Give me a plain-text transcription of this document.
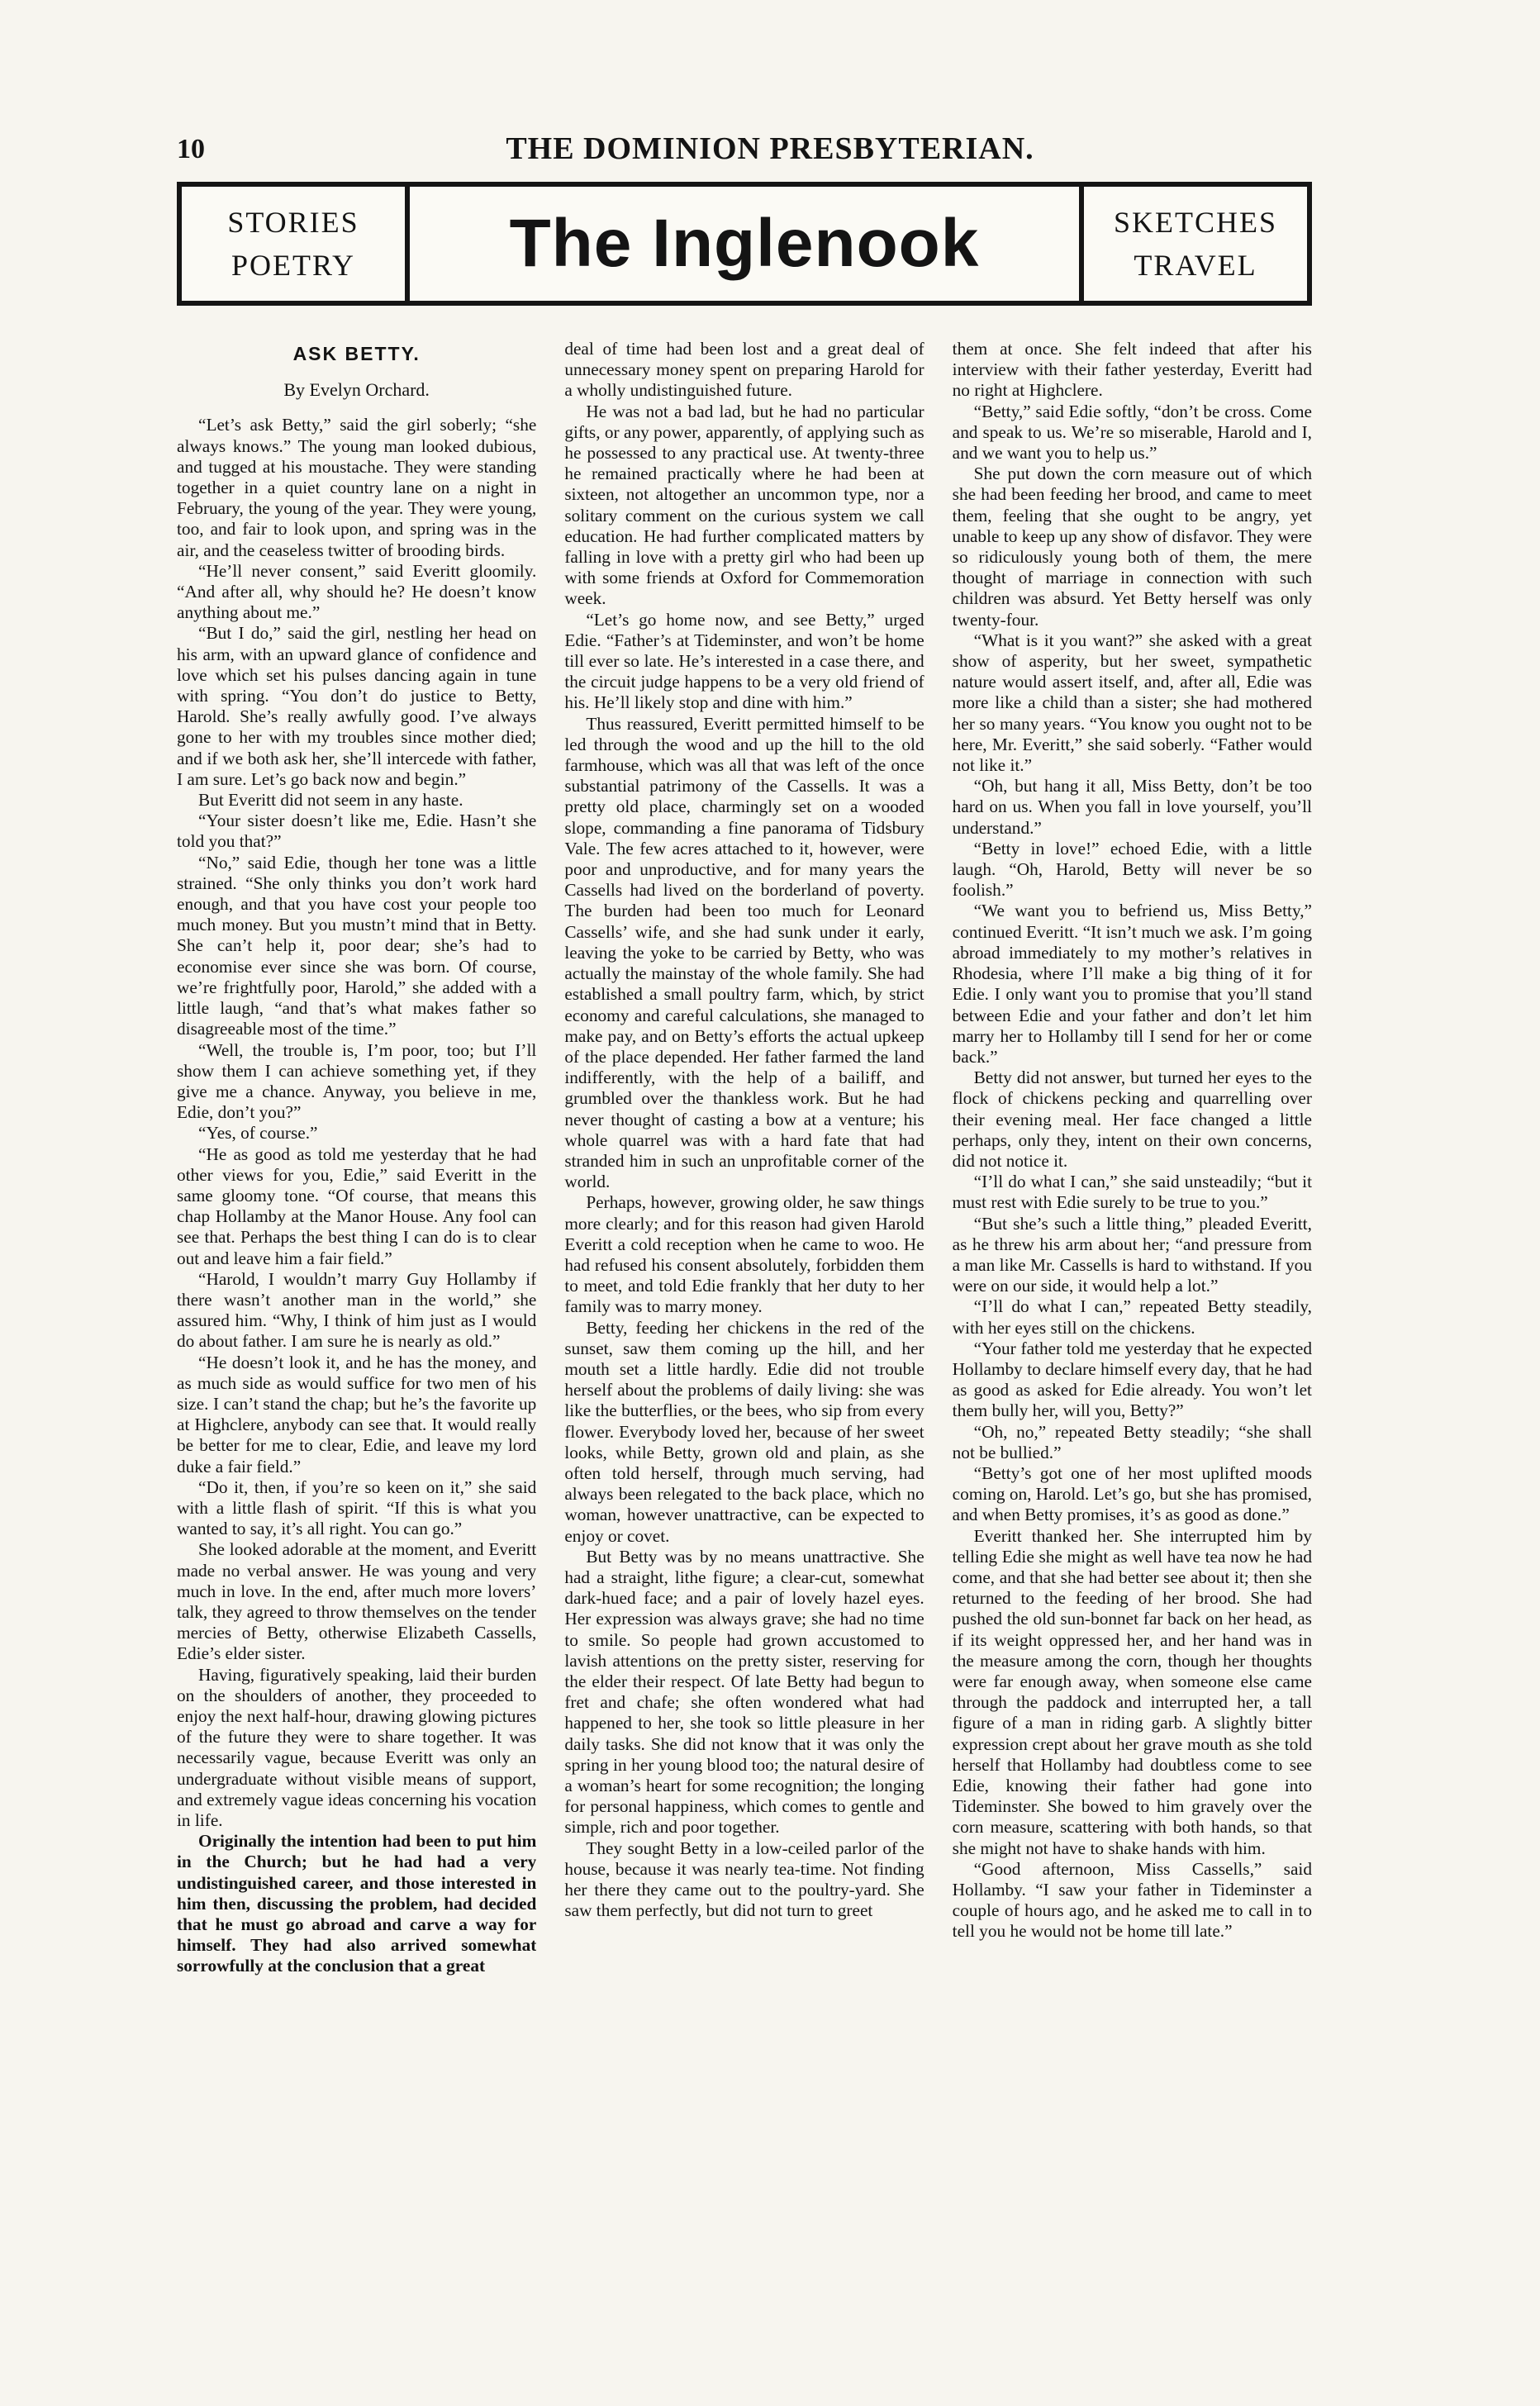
10	THE DOMINION PRESBYTERIAN.
STORIES
POETRY	The Inglenook	SKETCHES
TRAVEL
ASK BETTY.
By Evelyn Orchard.

“Let’s ask Betty,” said the girl soberly; “she always knows.” The young man looked dubious, and tugged at his moustache. They were standing together in a quiet country lane on a night in February, the young of the year. They were young, too, and fair to look upon, and spring was in the air, and the ceaseless twitter of brooding birds.

“He’ll never consent,” said Everitt gloomily. “And after all, why should he? He doesn’t know anything about me.”

“But I do,” said the girl, nestling her head on his arm, with an upward glance of confidence and love which set his pulses dancing again in tune with spring. “You don’t do justice to Betty, Harold. She’s really awfully good. I’ve always gone to her with my troubles since mother died; and if we both ask her, she’ll intercede with father, I am sure. Let’s go back now and begin.”

But Everitt did not seem in any haste.

“Your sister doesn’t like me, Edie. Hasn’t she told you that?”

“No,” said Edie, though her tone was a little strained. “She only thinks you don’t work hard enough, and that you have cost your people too much money. But you mustn’t mind that in Betty. She can’t help it, poor dear; she’s had to economise ever since she was born. Of course, we’re frightfully poor, Harold,” she added with a little laugh, “and that’s what makes father so disagreeable most of the time.”

“Well, the trouble is, I’m poor, too; but I’ll show them I can achieve something yet, if they give me a chance. Anyway, you believe in me, Edie, don’t you?”

“Yes, of course.”

“He as good as told me yesterday that he had other views for you, Edie,” said Everitt in the same gloomy tone. “Of course, that means this chap Hollamby at the Manor House. Any fool can see that. Perhaps the best thing I can do is to clear out and leave him a fair field.”

“Harold, I wouldn’t marry Guy Hollamby if there wasn’t another man in the world,” she assured him. “Why, I think of him just as I would do about father. I am sure he is nearly as old.”

“He doesn’t look it, and he has the money, and as much side as would suffice for two men of his size. I can’t stand the chap; but he’s the favorite up at Highclere, anybody can see that. It would really be better for me to clear, Edie, and leave my lord duke a fair field.”

“Do it, then, if you’re so keen on it,” she said with a little flash of spirit. “If this is what you wanted to say, it’s all right. You can go.”

She looked adorable at the moment, and Everitt made no verbal answer. He was young and very much in love. In the end, after much more lovers’ talk, they agreed to throw themselves on the tender mercies of Betty, otherwise Elizabeth Cassells, Edie’s elder sister.

Having, figuratively speaking, laid their burden on the shoulders of another, they proceeded to enjoy the next half-hour, drawing glowing pictures of the future they were to share together. It was necessarily vague, because Everitt was only an undergraduate without visible means of support, and extremely vague ideas concerning his vocation in life.

Originally the intention had been to put him in the Church; but he had had a very undistinguished career, and those interested in him then, discussing the problem, had decided that he must go abroad and carve a way for himself. They had also arrived somewhat sorrowfully at the conclusion that a great

deal of time had been lost and a great deal of unnecessary money spent on preparing Harold for a wholly undistinguished future.

He was not a bad lad, but he had no particular gifts, or any power, apparently, of applying such as he possessed to any practical use. At twenty-three he remained practically where he had been at sixteen, not altogether an uncommon type, nor a solitary comment on the curious system we call education. He had further complicated matters by falling in love with a pretty girl who had been up with some friends at Oxford for Commemoration week.

“Let’s go home now, and see Betty,” urged Edie. “Father’s at Tideminster, and won’t be home till ever so late. He’s interested in a case there, and the circuit judge happens to be a very old friend of his. He’ll likely stop and dine with him.”

Thus reassured, Everitt permitted himself to be led through the wood and up the hill to the old farmhouse, which was all that was left of the once substantial patrimony of the Cassells. It was a pretty old place, charmingly set on a wooded slope, commanding a fine panorama of Tidsbury Vale. The few acres attached to it, however, were poor and unproductive, and for many years the Cassells had lived on the borderland of poverty. The burden had been too much for Leonard Cassells’ wife, and she had sunk under it early, leaving the yoke to be carried by Betty, who was actually the mainstay of the whole family. She had established a small poultry farm, which, by strict economy and careful calculations, she managed to make pay, and on Betty’s efforts the actual upkeep of the place depended. Her father farmed the land indifferently, with the help of a bailiff, and grumbled over the thankless work. But he had never thought of casting a bow at a venture; his whole quarrel was with a hard fate that had stranded him in such an unprofitable corner of the world.

Perhaps, however, growing older, he saw things more clearly; and for this reason had given Harold Everitt a cold reception when he came to woo. He had refused his consent absolutely, forbidden them to meet, and told Edie frankly that her duty to her family was to marry money.

Betty, feeding her chickens in the red of the sunset, saw them coming up the hill, and her mouth set a little hardly. Edie did not trouble herself about the problems of daily living: she was like the butterflies, or the bees, who sip from every flower. Everybody loved her, because of her sweet looks, while Betty, grown old and plain, as she often told herself, through much serving, had always been relegated to the back place, which no woman, however unattractive, can be expected to enjoy or covet.

But Betty was by no means unattractive. She had a straight, lithe figure; a clear-cut, somewhat dark-hued face; and a pair of lovely hazel eyes. Her expression was always grave; she had no time to smile. So people had grown accustomed to lavish attentions on the pretty sister, reserving for the elder their respect. Of late Betty had begun to fret and chafe; she often wondered what had happened to her, she took so little pleasure in her daily tasks. She did not know that it was only the spring in her young blood too; the natural desire of a woman’s heart for some recognition; the longing for personal happiness, which comes to gentle and simple, rich and poor together.

They sought Betty in a low-ceiled parlor of the house, because it was nearly tea-time. Not finding her there they came out to the poultry-yard. She saw them perfectly, but did not turn to greet

them at once. She felt indeed that after his interview with their father yesterday, Everitt had no right at Highclere.

“Betty,” said Edie softly, “don’t be cross. Come and speak to us. We’re so miserable, Harold and I, and we want you to help us.”

She put down the corn measure out of which she had been feeding her brood, and came to meet them, feeling that she ought to be angry, yet unable to keep up any show of disfavor. They were so ridiculously young both of them, the mere thought of marriage in connection with such children was absurd. Yet Betty herself was only twenty-four.

“What is it you want?” she asked with a great show of asperity, but her sweet, sympathetic nature would assert itself, and, after all, Edie was more like a child than a sister; she had mothered her so many years. “You know you ought not to be here, Mr. Everitt,” she said soberly. “Father would not like it.”

“Oh, but hang it all, Miss Betty, don’t be too hard on us. When you fall in love yourself, you’ll understand.”

“Betty in love!” echoed Edie, with a little laugh. “Oh, Harold, Betty will never be so foolish.”

“We want you to befriend us, Miss Betty,” continued Everitt. “It isn’t much we ask. I’m going abroad immediately to my mother’s relatives in Rhodesia, where I’ll make a big thing of it for Edie. I only want you to promise that you’ll stand between Edie and your father and don’t let him marry her to Hollamby till I send for her or come back.”

Betty did not answer, but turned her eyes to the flock of chickens pecking and quarrelling over their evening meal. Her face changed a little perhaps, only they, intent on their own concerns, did not notice it.

“I’ll do what I can,” she said unsteadily; “but it must rest with Edie surely to be true to you.”

“But she’s such a little thing,” pleaded Everitt, as he threw his arm about her; “and pressure from a man like Mr. Cassells is hard to withstand. If you were on our side, it would help a lot.”

“I’ll do what I can,” repeated Betty steadily, with her eyes still on the chickens.

“Your father told me yesterday that he expected Hollamby to declare himself every day, that he had as good as asked for Edie already. You won’t let them bully her, will you, Betty?”

“Oh, no,” repeated Betty steadily; “she shall not be bullied.”

“Betty’s got one of her most uplifted moods coming on, Harold. Let’s go, but she has promised, and when Betty promises, it’s as good as done.”

Everitt thanked her. She interrupted him by telling Edie she might as well have tea now he had come, and that she had better see about it; then she returned to the feeding of her brood. She had pushed the old sun-bonnet far back on her head, as if its weight oppressed her, and her hand was in the measure among the corn, though her thoughts were far enough away, when someone else came through the paddock and interrupted her, a tall figure of a man in riding garb. A slightly bitter expression crept about her grave mouth as she told herself that Hollamby had doubtless come to see Edie, knowing their father had gone into Tideminster. She bowed to him gravely over the corn measure, scattering with both hands, so that she might not have to shake hands with him.

“Good afternoon, Miss Cassells,” said Hollamby. “I saw your father in Tideminster a couple of hours ago, and he asked me to call in to tell you he would not be home till late.”
